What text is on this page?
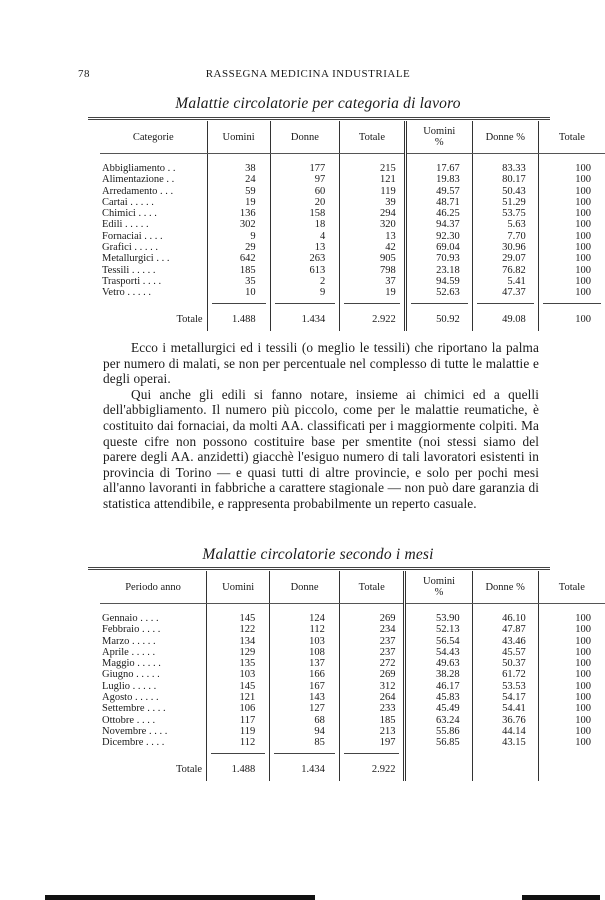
78	RASSEGNA MEDICINA INDUSTRIALE
Malattie circolatorie per categoria di lavoro
Categorie	Uomini	Donne	Totale	Uomini %	Donne %	Totale
Abbigliamento . .	38	177	215	17.67	83.33	100
Alimentazione . .	24	97	121	19.83	80.17	100
Arredamento . . .	59	60	119	49.57	50.43	100
Cartai . . . . .	19	20	39	48.71	51.29	100
Chimici . . . .	136	158	294	46.25	53.75	100
Edili . . . . .	302	18	320	94.37	5.63	100
Fornaciai . . . .	9	4	13	92.30	7.70	100
Grafici . . . . .	29	13	42	69.04	30.96	100
Metallurgici . . .	642	263	905	70.93	29.07	100
Tessili . . . . .	185	613	798	23.18	76.82	100
Trasporti . . . .	35	2	37	94.59	5.41	100
Vetro . . . . .	10	9	19	52.63	47.37	100
Totale	1.488	1.434	2.922	50.92	49.08	100

Ecco i metallurgici ed i tessili (o meglio le tessili) che riportano la palma per numero di malati, se non per percentuale nel complesso di tutte le malattie e degli operai.

Qui anche gli edili si fanno notare, insieme ai chimici ed a quelli dell'abbigliamento. Il numero più piccolo, come per le malattie reumatiche, è costituito dai fornaciai, da molti AA. classificati per i maggiormente colpiti. Ma queste cifre non possono costituire base per smentite (noi stessi siamo del parere degli AA. anzidetti) giacchè l'esiguo numero di tali lavoratori esistenti in provincia di Torino — e quasi tutti di altre provincie, e solo per pochi mesi all'anno lavoranti in fabbriche a carattere stagionale — non può dare garanzia di statistica attendibile, e rappresenta probabilmente un reperto casuale.

Malattie circolatorie secondo i mesi
Periodo anno	Uomini	Donne	Totale	Uomini %	Donne %	Totale
Gennaio . . . .	145	124	269	53.90	46.10	100
Febbraio . . . .	122	112	234	52.13	47.87	100
Marzo . . . . .	134	103	237	56.54	43.46	100
Aprile . . . . .	129	108	237	54.43	45.57	100
Maggio . . . . .	135	137	272	49.63	50.37	100
Giugno . . . . .	103	166	269	38.28	61.72	100
Luglio . . . . .	145	167	312	46.17	53.53	100
Agosto . . . . .	121	143	264	45.83	54.17	100
Settembre . . . .	106	127	233	45.49	54.41	100
Ottobre . . . .	117	68	185	63.24	36.76	100
Novembre . . . .	119	94	213	55.86	44.14	100
Dicembre . . . .	112	85	197	56.85	43.15	100
Totale	1.488	1.434	2.922			
